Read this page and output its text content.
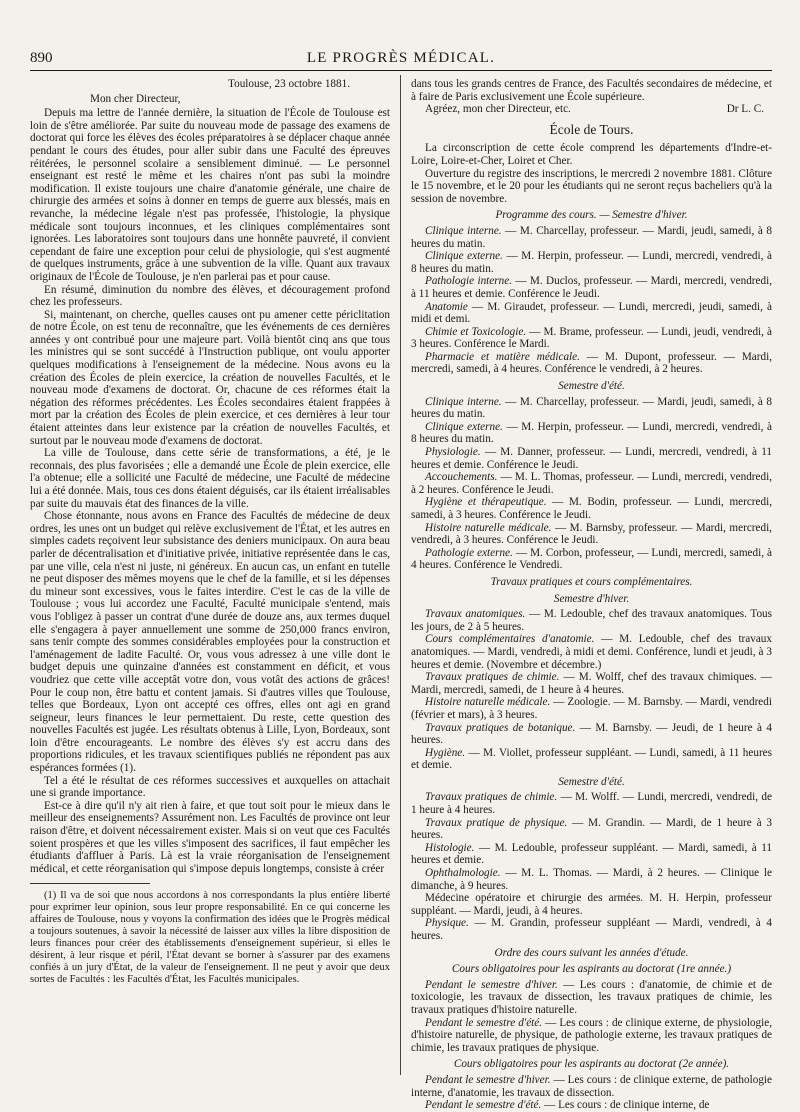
890	LE PROGRÈS MÉDICAL.

Toulouse, 23 octobre 1881.

Mon cher Directeur,

Depuis ma lettre de l'année dernière, la situation de l'École de Toulouse est loin de s'être améliorée. Par suite du nouveau mode de passage des examens de doctorat qui force les élèves des écoles préparatoires à se déplacer chaque année pendant le cours des études, pour aller subir dans une Faculté des épreuves réitérées, le personnel scolaire a sensiblement diminué. — Le personnel enseignant est resté le même et les chaires n'ont pas subi la moindre modification. Il existe toujours une chaire d'anatomie générale, une chaire de chirurgie des armées et soins à donner en temps de guerre aux blessés, mais en revanche, la médecine légale n'est pas professée, l'histologie, la physique médicale sont toujours inconnues, et les cliniques complémentaires sont ignorées. Les laboratoires sont toujours dans une honnête pauvreté, il convient cependant de faire une exception pour celui de physiologie, qui s'est augmenté de quelques instruments, grâce à une subvention de la ville. Quant aux travaux originaux de l'École de Toulouse, je n'en parlerai pas et pour cause.

En résumé, diminution du nombre des élèves, et découragement profond chez les professeurs.

Si, maintenant, on cherche, quelles causes ont pu amener cette périclitation de notre École, on est tenu de reconnaître, que les événements de ces dernières années y ont contribué pour une majeure part. Voilà bientôt cinq ans que tous les ministres qui se sont succédé à l'Instruction publique, ont voulu apporter quelques modifications à l'enseignement de la médecine. Nous avons eu la création des Écoles de plein exercice, la création de nouvelles Facultés, et le nouveau mode d'examens de doctorat. Or, chacune de ces réformes était la négation des réformes précédentes. Les Écoles secondaires étaient frappées à mort par la création des Écoles de plein exercice, et ces dernières à leur tour étaient atteintes dans leur existence par la création de nouvelles Facultés, et surtout par le nouveau mode d'examens de doctorat.

La ville de Toulouse, dans cette série de transformations, a été, je le reconnais, des plus favorisées ; elle a demandé une École de plein exercice, elle l'a obtenue; elle a sollicité une Faculté de médecine, une Faculté de médecine lui a été donnée. Mais, tous ces dons étaient déguisés, car ils étaient irréalisables par suite du mauvais état des finances de la ville.

Chose étonnante, nous avons en France des Facultés de médecine de deux ordres, les unes ont un budget qui relève exclusivement de l'État, et les autres en simples cadets reçoivent leur subsistance des deniers municipaux. On aura beau parler de décentralisation et d'initiative privée, initiative représentée dans le cas, par une ville, cela n'est ni juste, ni généreux. En aucun cas, un enfant en tutelle ne peut disposer des mêmes moyens que le chef de la famille, et si les dépenses du mineur sont excessives, vous le faites interdire. C'est le cas de la ville de Toulouse ; vous lui accordez une Faculté, Faculté municipale s'entend, mais vous l'obligez à passer un contrat d'une durée de douze ans, aux termes duquel elle s'engagera à payer annuellement une somme de 250,000 francs environ, sans tenir compte des sommes considérables employées pour la construction et l'aménagement de ladite Faculté. Or, vous vous adressez à une ville dont le budget depuis une quinzaine d'années est constamment en déficit, et vous voudriez que cette ville acceptât votre don, vous votât des actions de grâces! Pour le coup non, être battu et content jamais. Si d'autres villes que Toulouse, telles que Bordeaux, Lyon ont accepté ces offres, elles ont agi en grand seigneur, leurs finances le leur permettaient. Du reste, cette question des nouvelles Facultés est jugée. Les résultats obtenus à Lille, Lyon, Bordeaux, sont loin d'être encourageants. Le nombre des élèves s'y est accru dans des proportions ridicules, et les travaux scientifiques publiés ne répondent pas aux espérances formées (1).

Tel a été le résultat de ces réformes successives et auxquelles on attachait une si grande importance.

Est-ce à dire qu'il n'y ait rien à faire, et que tout soit pour le mieux dans le meilleur des enseignements? Assurément non. Les Facultés de province ont leur raison d'être, et doivent nécessairement exister. Mais si on veut que ces Facultés soient prospères et que les villes s'imposent des sacrifices, il faut empêcher les étudiants d'affluer à Paris. Là est la vraie réorganisation de l'enseignement médical, et cette réorganisation qui s'impose depuis longtemps, consiste à créer

(1) Il va de soi que nous accordons à nos correspondants la plus entière liberté pour exprimer leur opinion, sous leur propre responsabilité. En ce qui concerne les affaires de Toulouse, nous y voyons la confirmation des idées que le Progrès médical a toujours soutenues, à savoir la nécessité de laisser aux villes la libre disposition de leurs finances pour créer des établissements d'enseignement supérieur, si elles le désirent, à leur risque et péril, l'État devant se borner à s'assurer par des examens confiés à un jury d'État, de la valeur de l'enseignement. Il ne peut y avoir que deux sortes de Facultés : les Facultés d'État, les Facultés municipales.

dans tous les grands centres de France, des Facultés secondaires de médecine, et à faire de Paris exclusivement une École supérieure.

Agréez, mon cher Directeur, etc.	Dr L. C.
École de Tours.

La circonscription de cette école comprend les départements d'Indre-et-Loire, Loire-et-Cher, Loiret et Cher.

Ouverture du registre des inscriptions, le mercredi 2 novembre 1881. Clôture le 15 novembre, et le 20 pour les étudiants qui ne seront reçus bacheliers qu'à la session de novembre.

Programme des cours. — Semestre d'hiver.

Clinique interne. — M. Charcellay, professeur. — Mardi, jeudi, samedi, à 8 heures du matin.

Clinique externe. — M. Herpin, professeur. — Lundi, mercredi, vendredi, à 8 heures du matin.

Pathologie interne. — M. Duclos, professeur. — Mardi, mercredi, vendredi, à 11 heures et demie. Conférence le Jeudi.

Anatomie — M. Giraudet, professeur. — Lundi, mercredi, jeudi, samedi, à midi et demi.

Chimie et Toxicologie. — M. Brame, professeur. — Lundi, jeudi, vendredi, à 3 heures. Conférence le Mardi.

Pharmacie et matière médicale. — M. Dupont, professeur. — Mardi, mercredi, samedi, à 4 heures. Conférence le vendredi, à 2 heures.

Semestre d'été.

Clinique interne. — M. Charcellay, professeur. — Mardi, jeudi, samedi, à 8 heures du matin.

Clinique externe. — M. Herpin, professeur. — Lundi, mercredi, vendredi, à 8 heures du matin.

Physiologie. — M. Danner, professeur. — Lundi, mercredi, vendredi, à 11 heures et demie. Conférence le Jeudi.

Accouchements. — M. L. Thomas, professeur. — Lundi, mercredi, vendredi, à 2 heures. Conférence le Jeudi.

Hygiène et thérapeutique. — M. Bodin, professeur. — Lundi, mercredi, samedi, à 3 heures. Conférence le Jeudi.

Histoire naturelle médicale. — M. Barnsby, professeur. — Mardi, mercredi, vendredi, à 3 heures. Conférence le Jeudi.

Pathologie externe. — M. Corbon, professeur, — Lundi, mercredi, samedi, à 4 heures. Conférence le Vendredi.

Travaux pratiques et cours complémentaires.

Semestre d'hiver.

Travaux anatomiques. — M. Ledouble, chef des travaux anatomiques. Tous les jours, de 2 à 5 heures.

Cours complémentaires d'anatomie. — M. Ledouble, chef des travaux anatomiques. — Mardi, vendredi, à midi et demi. Conférence, lundi et jeudi, à 3 heures et demie. (Novembre et décembre.)

Travaux pratiques de chimie. — M. Wolff, chef des travaux chimiques. — Mardi, mercredi, samedi, de 1 heure à 4 heures.

Histoire naturelle médicale. — Zoologie. — M. Barnsby. — Mardi, vendredi (février et mars), à 3 heures.

Travaux pratiques de botanique. — M. Barnsby. — Jeudi, de 1 heure à 4 heures.

Hygiène. — M. Viollet, professeur suppléant. — Lundi, samedi, à 11 heures et demie.

Semestre d'été.

Travaux pratiques de chimie. — M. Wolff. — Lundi, mercredi, vendredi, de 1 heure à 4 heures.

Travaux pratique de physique. — M. Grandin. — Mardi, de 1 heure à 3 heures.

Histologie. — M. Ledouble, professeur suppléant. — Mardi, samedi, à 11 heures et demie.

Ophthalmologie. — M. L. Thomas. — Mardi, à 2 heures. — Clinique le dimanche, à 9 heures.

Médecine opératoire et chirurgie des armées. M. H. Herpin, professeur suppléant. — Mardi, jeudi, à 4 heures.

Physique. — M. Grandin, professeur suppléant — Mardi, vendredi, à 4 heures.

Ordre des cours suivant les années d'étude.

Cours obligatoires pour les aspirants au doctorat (1re année.)

Pendant le semestre d'hiver. — Les cours : d'anatomie, de chimie et de toxicologie, les travaux de dissection, les travaux pratiques de chimie, les travaux pratiques d'histoire naturelle.

Pendant le semestre d'été. — Les cours : de clinique externe, de physiologie, d'histoire naturelle, de physique, de pathologie externe, les travaux pratiques de chimie, les travaux pratiques de physique.

Cours obligatoires pour les aspirants au doctorat (2e année).

Pendant le semestre d'hiver. — Les cours : de clinique externe, de pathologie interne, d'anatomie, les travaux de dissection.

Pendant le semestre d'été. — Les cours : de clinique interne, de
